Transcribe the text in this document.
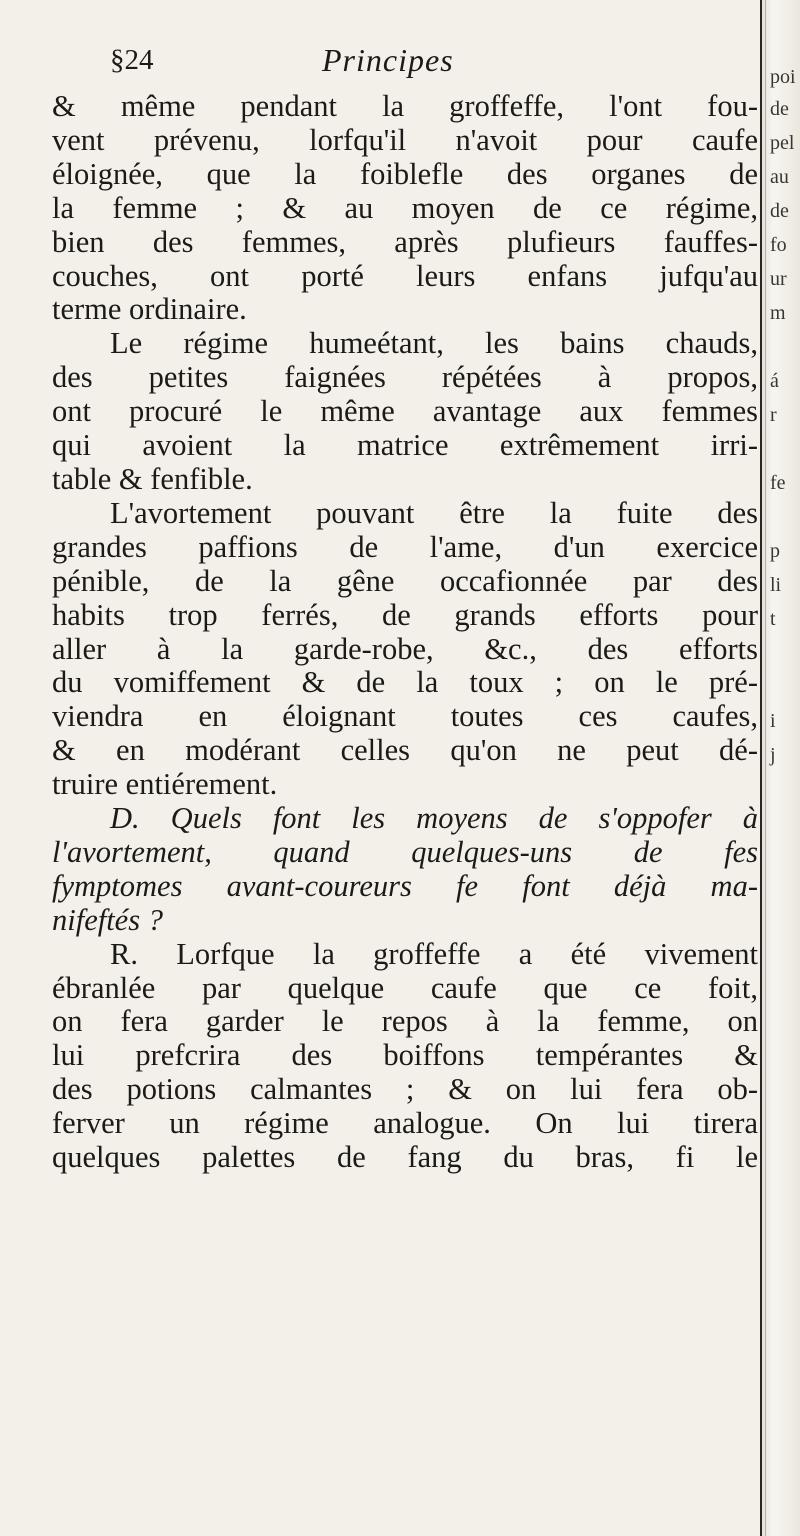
poi
de
pel
au
de
fo
ur
m
á
r
fe
p
li
t
i
j
§24	Principes
& même pendant la groffeffe, l'ont fou-
vent prévenu, lorfqu'il n'avoit pour caufe
éloignée, que la foiblefle des organes de
la femme ; & au moyen de ce régime,
bien des femmes, après plufieurs fauffes-
couches, ont porté leurs enfans jufqu'au
terme ordinaire.
Le régime humeétant, les bains chauds,
des petites faignées répétées à propos,
ont procuré le même avantage aux femmes
qui avoient la matrice extrêmement irri-
table & fenfible.
L'avortement pouvant être la fuite des
grandes paffions de l'ame, d'un exercice
pénible, de la gêne occafionnée par des
habits trop ferrés, de grands efforts pour
aller à la garde-robe, &c., des efforts
du vomiffement & de la toux ; on le pré-
viendra en éloignant toutes ces caufes,
& en modérant celles qu'on ne peut dé-
truire entiérement.
D. Quels font les moyens de s'oppofer à
l'avortement, quand quelques-uns de fes
fymptomes avant-coureurs fe font déjà ma-
nifeftés ?
R. Lorfque la groffeffe a été vivement
ébranlée par quelque caufe que ce foit,
on fera garder le repos à la femme, on
lui prefcrira des boiffons tempérantes &
des potions calmantes ; & on lui fera ob-
ferver un régime analogue. On lui tirera
quelques palettes de fang du bras, fi le
